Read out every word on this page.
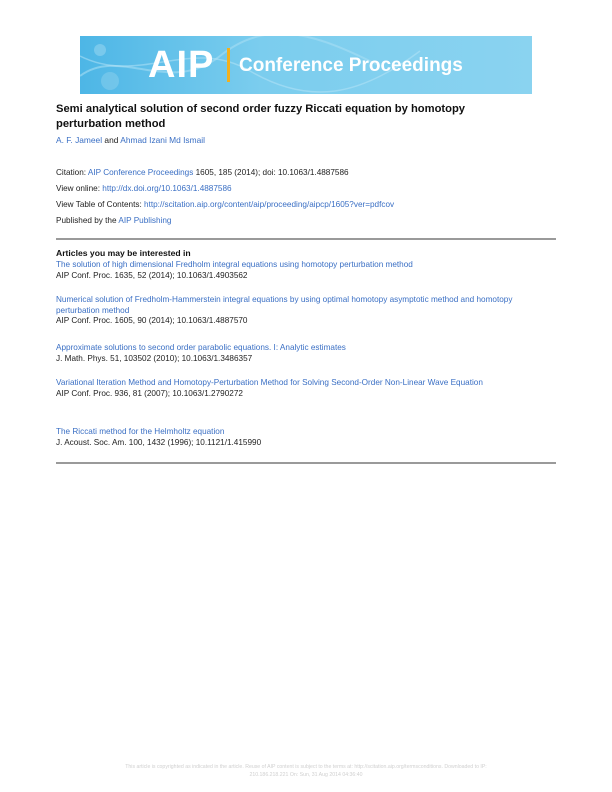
AIP Conference Proceedings
Semi analytical solution of second order fuzzy Riccati equation by homotopy perturbation method
A. F. Jameel and Ahmad Izani Md Ismail
Citation: AIP Conference Proceedings 1605, 185 (2014); doi: 10.1063/1.4887586
View online: http://dx.doi.org/10.1063/1.4887586
View Table of Contents: http://scitation.aip.org/content/aip/proceeding/aipcp/1605?ver=pdfcov
Published by the AIP Publishing
Articles you may be interested in
The solution of high dimensional Fredholm integral equations using homotopy perturbation method
AIP Conf. Proc. 1635, 52 (2014); 10.1063/1.4903562
Numerical solution of Fredholm-Hammerstein integral equations by using optimal homotopy asymptotic method and homotopy perturbation method
AIP Conf. Proc. 1605, 90 (2014); 10.1063/1.4887570
Approximate solutions to second order parabolic equations. I: Analytic estimates
J. Math. Phys. 51, 103502 (2010); 10.1063/1.3486357
Variational Iteration Method and Homotopy-Perturbation Method for Solving Second-Order Non-Linear Wave Equation
AIP Conf. Proc. 936, 81 (2007); 10.1063/1.2790272
The Riccati method for the Helmholtz equation
J. Acoust. Soc. Am. 100, 1432 (1996); 10.1121/1.415990
This article is copyrighted as indicated in the article. Reuse of AIP content is subject to the terms at: http://scitation.aip.org/termsconditions. Downloaded to IP:
210.186.218.221 On: Sun, 31 Aug 2014 04:36:40
